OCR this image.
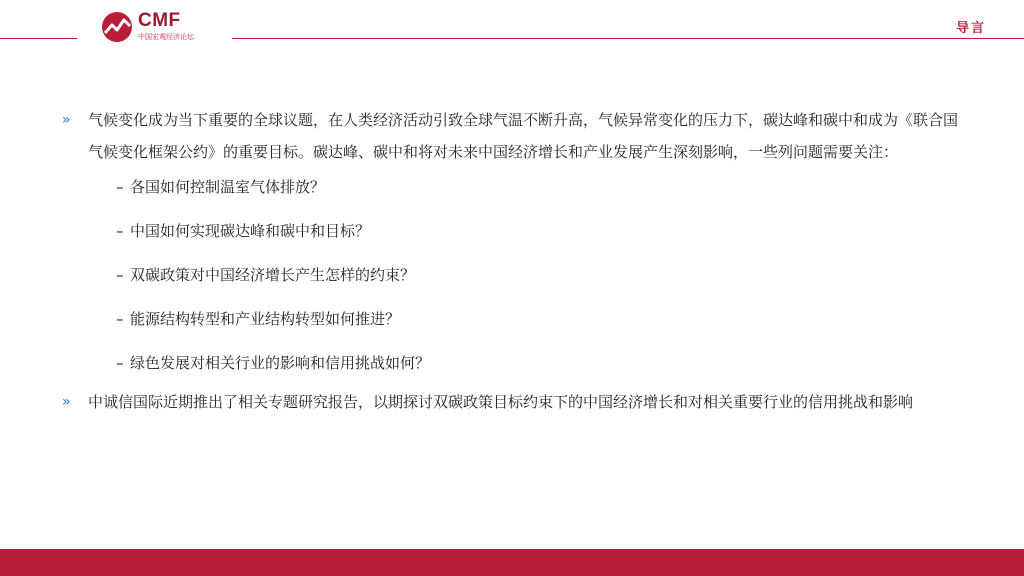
CMF
中国宏观经济论坛
导言
» 气候变化成为当下重要的全球议题，在人类经济活动引致全球气温不断升高，气候异常变化的压力下，碳达峰和碳中和成为《联合国气候变化框架公约》的重要目标。碳达峰、碳中和将对未来中国经济增长和产业发展产生深刻影响，一些列问题需要关注：
– 各国如何控制温室气体排放？
– 中国如何实现碳达峰和碳中和目标？
– 双碳政策对中国经济增长产生怎样的约束？
– 能源结构转型和产业结构转型如何推进？
– 绿色发展对相关行业的影响和信用挑战如何？
» 中诚信国际近期推出了相关专题研究报告，以期探讨双碳政策目标约束下的中国经济增长和对相关重要行业的信用挑战和影响
